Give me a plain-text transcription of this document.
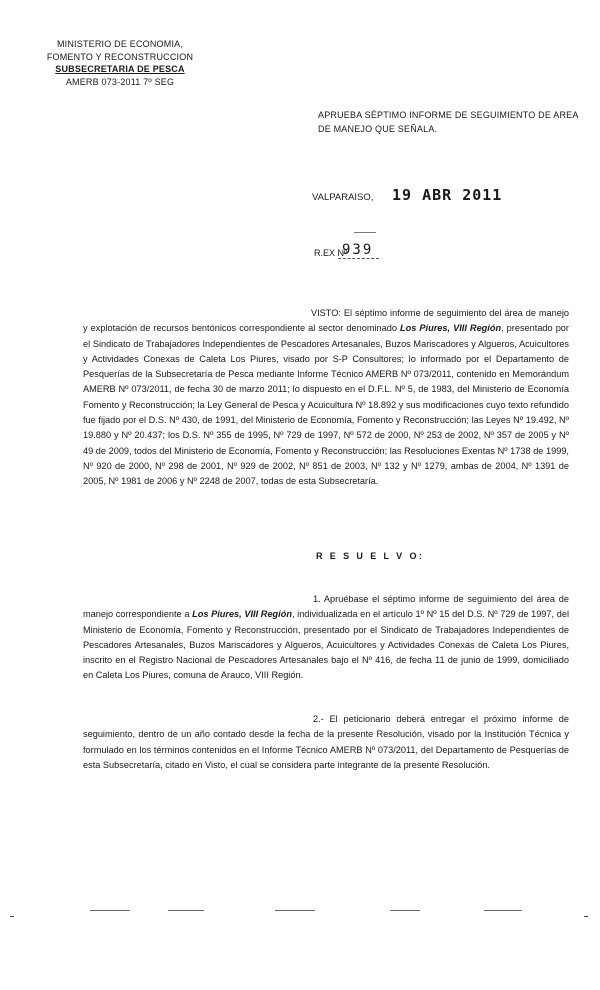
MINISTERIO DE ECONOMIA,
FOMENTO Y RECONSTRUCCION
SUBSECRETARIA DE PESCA
AMERB 073-2011 7º SEG
APRUEBA SÉPTIMO INFORME DE SEGUIMIENTO DE AREA DE MANEJO QUE SEÑALA.
VALPARAISO, 19 ABR 2011
R.EX Nº
939
VISTO: El séptimo informe de seguimiento del área de manejo y explotación de recursos bentónicos correspondiente al sector denominado Los Piures, VIII Región, presentado por el Sindicato de Trabajadores Independientes de Pescadores Artesanales, Buzos Mariscadores y Algueros, Acuicultores y Actividades Conexas de Caleta Los Piures, visado por S-P Consultores; lo informado por el Departamento de Pesquerías de la Subsecretaría de Pesca mediante Informe Técnico AMERB Nº 073/2011, contenido en Memorándum AMERB Nº 073/2011, de fecha 30 de marzo 2011; lo dispuesto en el D.F.L. Nº 5, de 1983, del Ministerio de Economía Fomento y Reconstrucción; la Ley General de Pesca y Acuicultura Nº 18.892 y sus modificaciones cuyo texto refundido fue fijado por el D.S. Nº 430, de 1991, del Ministerio de Economía, Fomento y Reconstrucción; las Leyes Nº 19.492, Nº 19.880 y Nº 20.437; los D.S. Nº 355 de 1995, Nº 729 de 1997, Nº 572 de 2000, Nº 253 de 2002, Nº 357 de 2005 y Nº 49 de 2009, todos del Ministerio de Economía, Fomento y Reconstrucción; las Resoluciones Exentas Nº 1738 de 1999, Nº 920 de 2000, Nº 298 de 2001, Nº 929 de 2002, Nº 851 de 2003, Nº 132 y Nº 1279, ambas de 2004, Nº 1391 de 2005, Nº 1981 de 2006 y Nº 2248 de 2007, todas de esta Subsecretaría.
R E S U E L V O:
1. Apruébase el séptimo informe de seguimiento del área de manejo correspondiente a Los Piures, VIII Región, individualizada en el artículo 1º Nº 15 del D.S. Nº 729 de 1997, del Ministerio de Economía, Fomento y Reconstrucción, presentado por el Sindicato de Trabajadores Independientes de Pescadores Artesanales, Buzos Mariscadores y Algueros, Acuicultores y Actividades Conexas de Caleta Los Piures, inscrito en el Registro Nacional de Pescadores Artesanales bajo el Nº 416, de fecha 11 de junio de 1999, domiciliado en Caleta Los Piures, comuna de Arauco, VIII Región.
2.- El peticionario deberá entregar el próximo informe de seguimiento, dentro de un año contado desde la fecha de la presente Resolución, visado por la Institución Técnica y formulado en los términos contenidos en el Informe Técnico AMERB Nº 073/2011, del Departamento de Pesquerías de esta Subsecretaría, citado en Visto, el cual se considera parte integrante de la presente Resolución.
